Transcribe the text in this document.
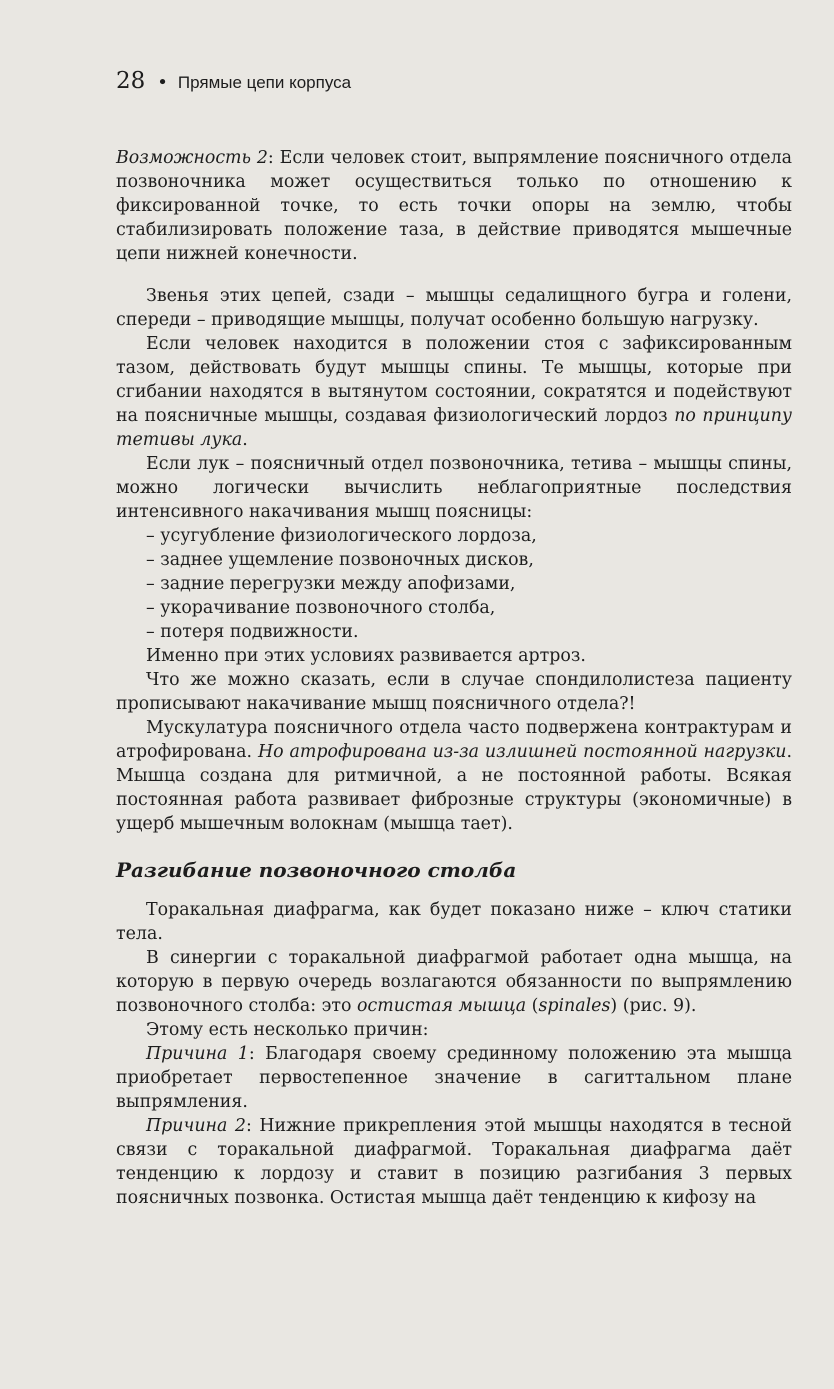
28 • Прямые цепи корпуса

Возможность 2: Если человек стоит, выпрямление поясничного отдела позвоночника может осуществиться только по отношению к фиксированной точке, то есть точки опоры на землю, чтобы стабилизировать положение таза, в действие приводятся мышечные цепи нижней конечности.

Звенья этих цепей, сзади – мышцы седалищного бугра и голени, спереди – приводящие мышцы, получат особенно большую нагрузку.

Если человек находится в положении стоя с зафиксированным тазом, действовать будут мышцы спины. Те мышцы, которые при сгибании находятся в вытянутом состоянии, сократятся и подействуют на поясничные мышцы, создавая физиологический лордоз по принципу тетивы лука.

Если лук – поясничный отдел позвоночника, тетива – мышцы спины, можно логически вычислить неблагоприятные последствия интенсивного накачивания мышц поясницы:

– усугубление физиологического лордоза,

– заднее ущемление позвоночных дисков,

– задние перегрузки между апофизами,

– укорачивание позвоночного столба,

– потеря подвижности.

Именно при этих условиях развивается артроз.

Что же можно сказать, если в случае спондилолистеза пациенту прописывают накачивание мышц поясничного отдела?!

Мускулатура поясничного отдела часто подвержена контрактурам и атрофирована. Но атрофирована из-за излишней постоянной нагрузки. Мышца создана для ритмичной, а не постоянной работы. Всякая постоянная работа развивает фиброзные структуры (экономичные) в ущерб мышечным волокнам (мышца тает).

Разгибание позвоночного столба

Торакальная диафрагма, как будет показано ниже – ключ статики тела.

В синергии с торакальной диафрагмой работает одна мышца, на которую в первую очередь возлагаются обязанности по выпрямлению позвоночного столба: это остистая мышца (spinales) (рис. 9).

Этому есть несколько причин:

Причина 1: Благодаря своему срединному положению эта мышца приобретает первостепенное значение в сагиттальном плане выпрямления.

Причина 2: Нижние прикрепления этой мышцы находятся в тесной связи с торакальной диафрагмой. Торакальная диафрагма даёт тенденцию к лордозу и ставит в позицию разгибания 3 первых поясничных позвонка. Остистая мышца даёт тенденцию к кифозу на
